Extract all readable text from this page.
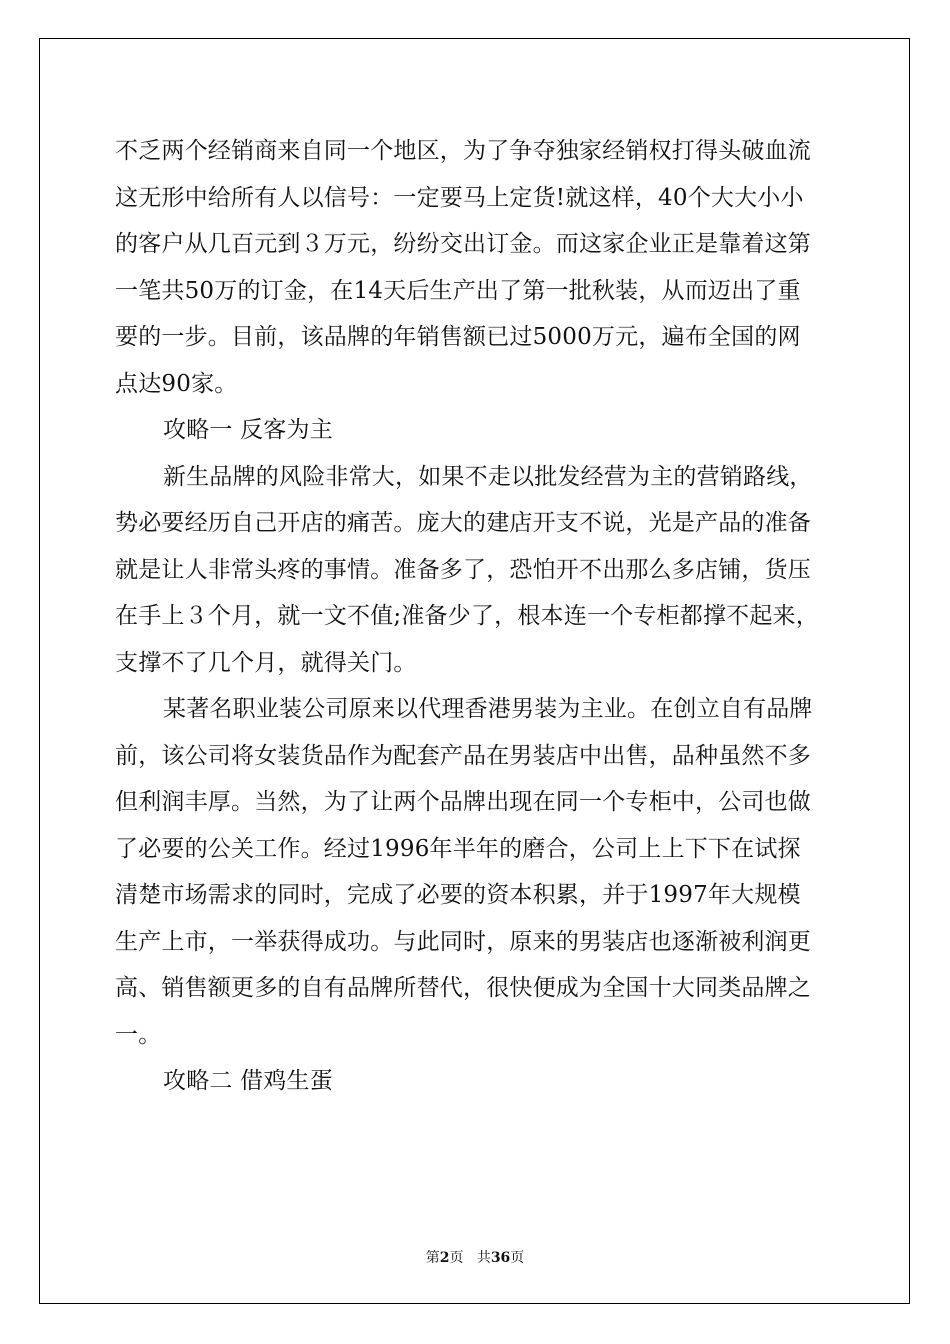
不乏两个经销商来自同一个地区，为了争夺独家经销权打得头破血流
这无形中给所有人以信号：一定要马上定货!就这样，40个大大小小
的客户从几百元到３万元，纷纷交出订金。而这家企业正是靠着这第
一笔共50万的订金，在14天后生产出了第一批秋装，从而迈出了重
要的一步。目前，该品牌的年销售额已过5000万元，遍布全国的网
点达90家。
攻略一 反客为主
新生品牌的风险非常大，如果不走以批发经营为主的营销路线，
势必要经历自己开店的痛苦。庞大的建店开支不说，光是产品的准备
就是让人非常头疼的事情。准备多了，恐怕开不出那么多店铺，货压
在手上３个月，就一文不值;准备少了，根本连一个专柜都撑不起来，
支撑不了几个月，就得关门。
某著名职业装公司原来以代理香港男装为主业。在创立自有品牌
前，该公司将女装货品作为配套产品在男装店中出售，品种虽然不多
但利润丰厚。当然，为了让两个品牌出现在同一个专柜中，公司也做
了必要的公关工作。经过1996年半年的磨合，公司上上下下在试探
清楚市场需求的同时，完成了必要的资本积累，并于1997年大规模
生产上市，一举获得成功。与此同时，原来的男装店也逐渐被利润更
高、销售额更多的自有品牌所替代，很快便成为全国十大同类品牌之
一。
攻略二 借鸡生蛋
第2页 共36页
